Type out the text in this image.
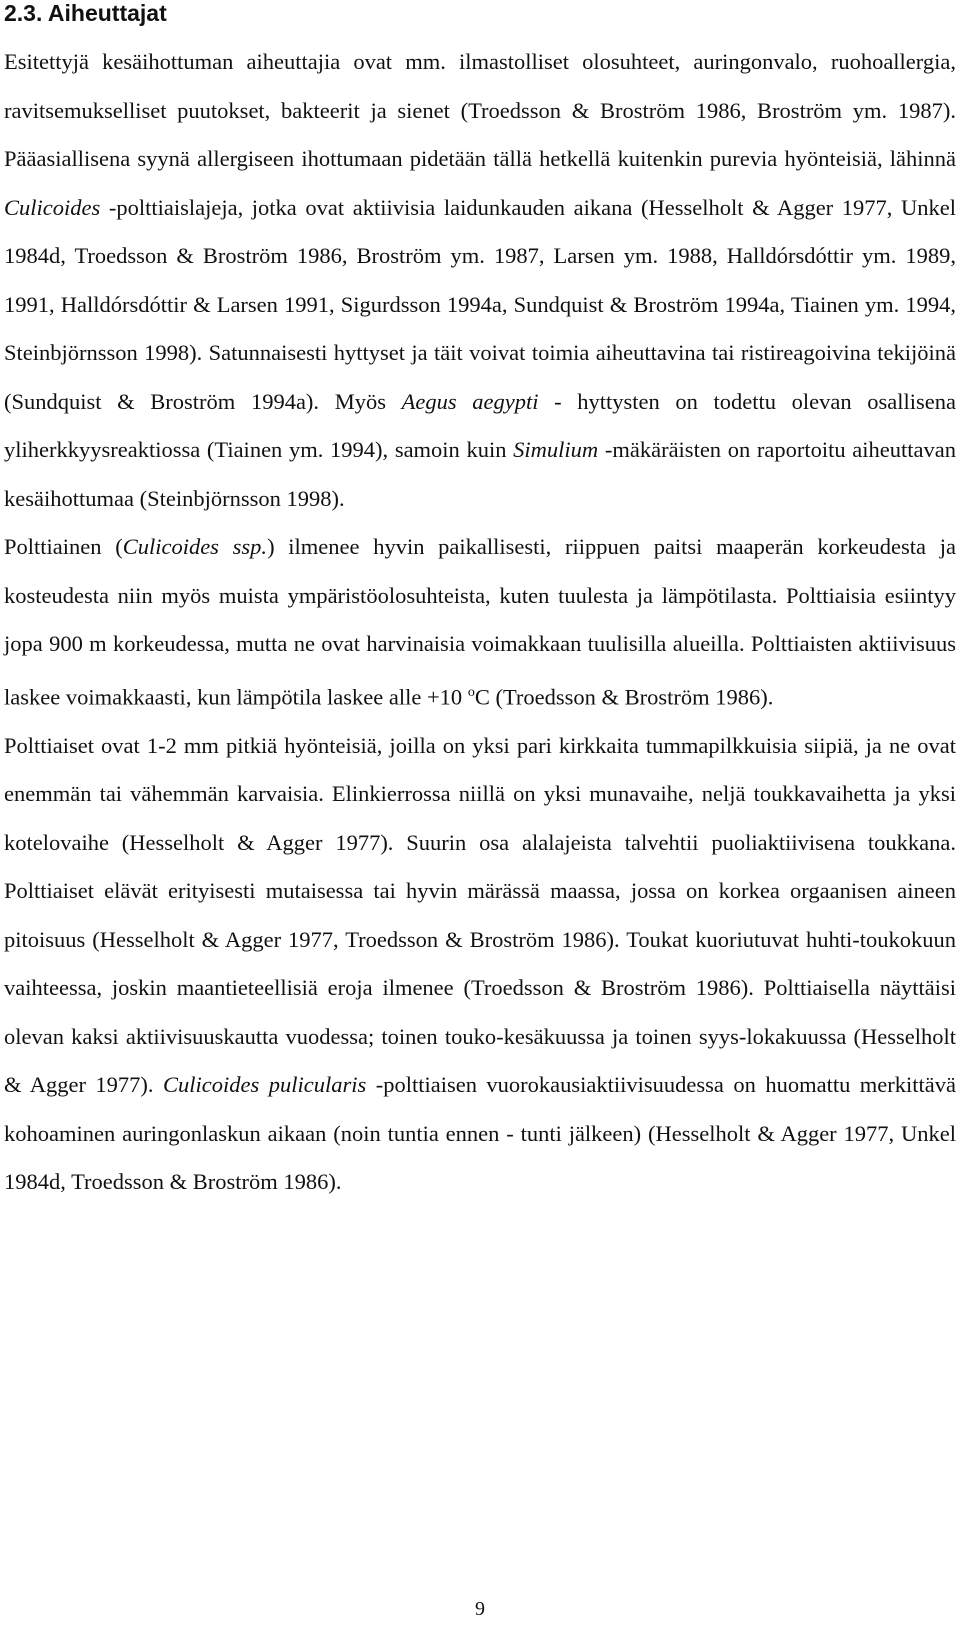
2.3. Aiheuttajat

Esitettyjä kesäihottuman aiheuttajia ovat mm. ilmastolliset olosuhteet, auringonvalo, ruohoallergia, ravitsemukselliset puutokset, bakteerit ja sienet (Troedsson & Broström 1986, Broström ym. 1987). Pääasiallisena syynä allergiseen ihottumaan pidetään tällä hetkellä kuitenkin purevia hyönteisiä, lähinnä Culicoides -polttiaislajeja, jotka ovat aktiivisia laidunkauden aikana (Hesselholt & Agger 1977, Unkel 1984d, Troedsson & Broström 1986, Broström ym. 1987, Larsen ym. 1988, Halldórsdóttir ym. 1989, 1991, Halldórsdóttir & Larsen 1991, Sigurdsson 1994a, Sundquist & Broström 1994a, Tiainen ym. 1994, Steinbjörnsson 1998). Satunnaisesti hyttyset ja täit voivat toimia aiheuttavina tai ristireagoivina tekijöinä (Sundquist & Broström 1994a). Myös Aegus aegypti - hyttysten on todettu olevan osallisena yliherkkyysreaktiossa (Tiainen ym. 1994), samoin kuin Simulium -mäkäräisten on raportoitu aiheuttavan kesäihottumaa (Steinbjörnsson 1998).

Polttiainen (Culicoides ssp.) ilmenee hyvin paikallisesti, riippuen paitsi maaperän korkeudesta ja kosteudesta niin myös muista ympäristöolosuhteista, kuten tuulesta ja lämpötilasta. Polttiaisia esiintyy jopa 900 m korkeudessa, mutta ne ovat harvinaisia voimakkaan tuulisilla alueilla. Polttiaisten aktiivisuus laskee voimakkaasti, kun lämpötila laskee alle +10 $^o$C (Troedsson & Broström 1986).

Polttiaiset ovat 1-2 mm pitkiä hyönteisiä, joilla on yksi pari kirkkaita tummapilkkuisia siipiä, ja ne ovat enemmän tai vähemmän karvaisia. Elinkierrossa niillä on yksi munavaihe, neljä toukkavaihetta ja yksi kotelovaihe (Hesselholt & Agger 1977). Suurin osa alalajeista talvehtii puoliaktiivisena toukkana. Polttiaiset elävät erityisesti mutaisessa tai hyvin märässä maassa, jossa on korkea orgaanisen aineen pitoisuus (Hesselholt & Agger 1977, Troedsson & Broström 1986). Toukat kuoriutuvat huhti-toukokuun vaihteessa, joskin maantieteellisiä eroja ilmenee (Troedsson & Broström 1986). Polttiaisella näyttäisi olevan kaksi aktiivisuuskautta vuodessa; toinen touko-kesäkuussa ja toinen syys-lokakuussa (Hesselholt & Agger 1977). Culicoides pulicularis -polttiaisen vuorokausiaktiivisuudessa on huomattu merkittävä kohoaminen auringonlaskun aikaan (noin tuntia ennen - tunti jälkeen) (Hesselholt & Agger 1977, Unkel 1984d, Troedsson & Broström 1986).

9
